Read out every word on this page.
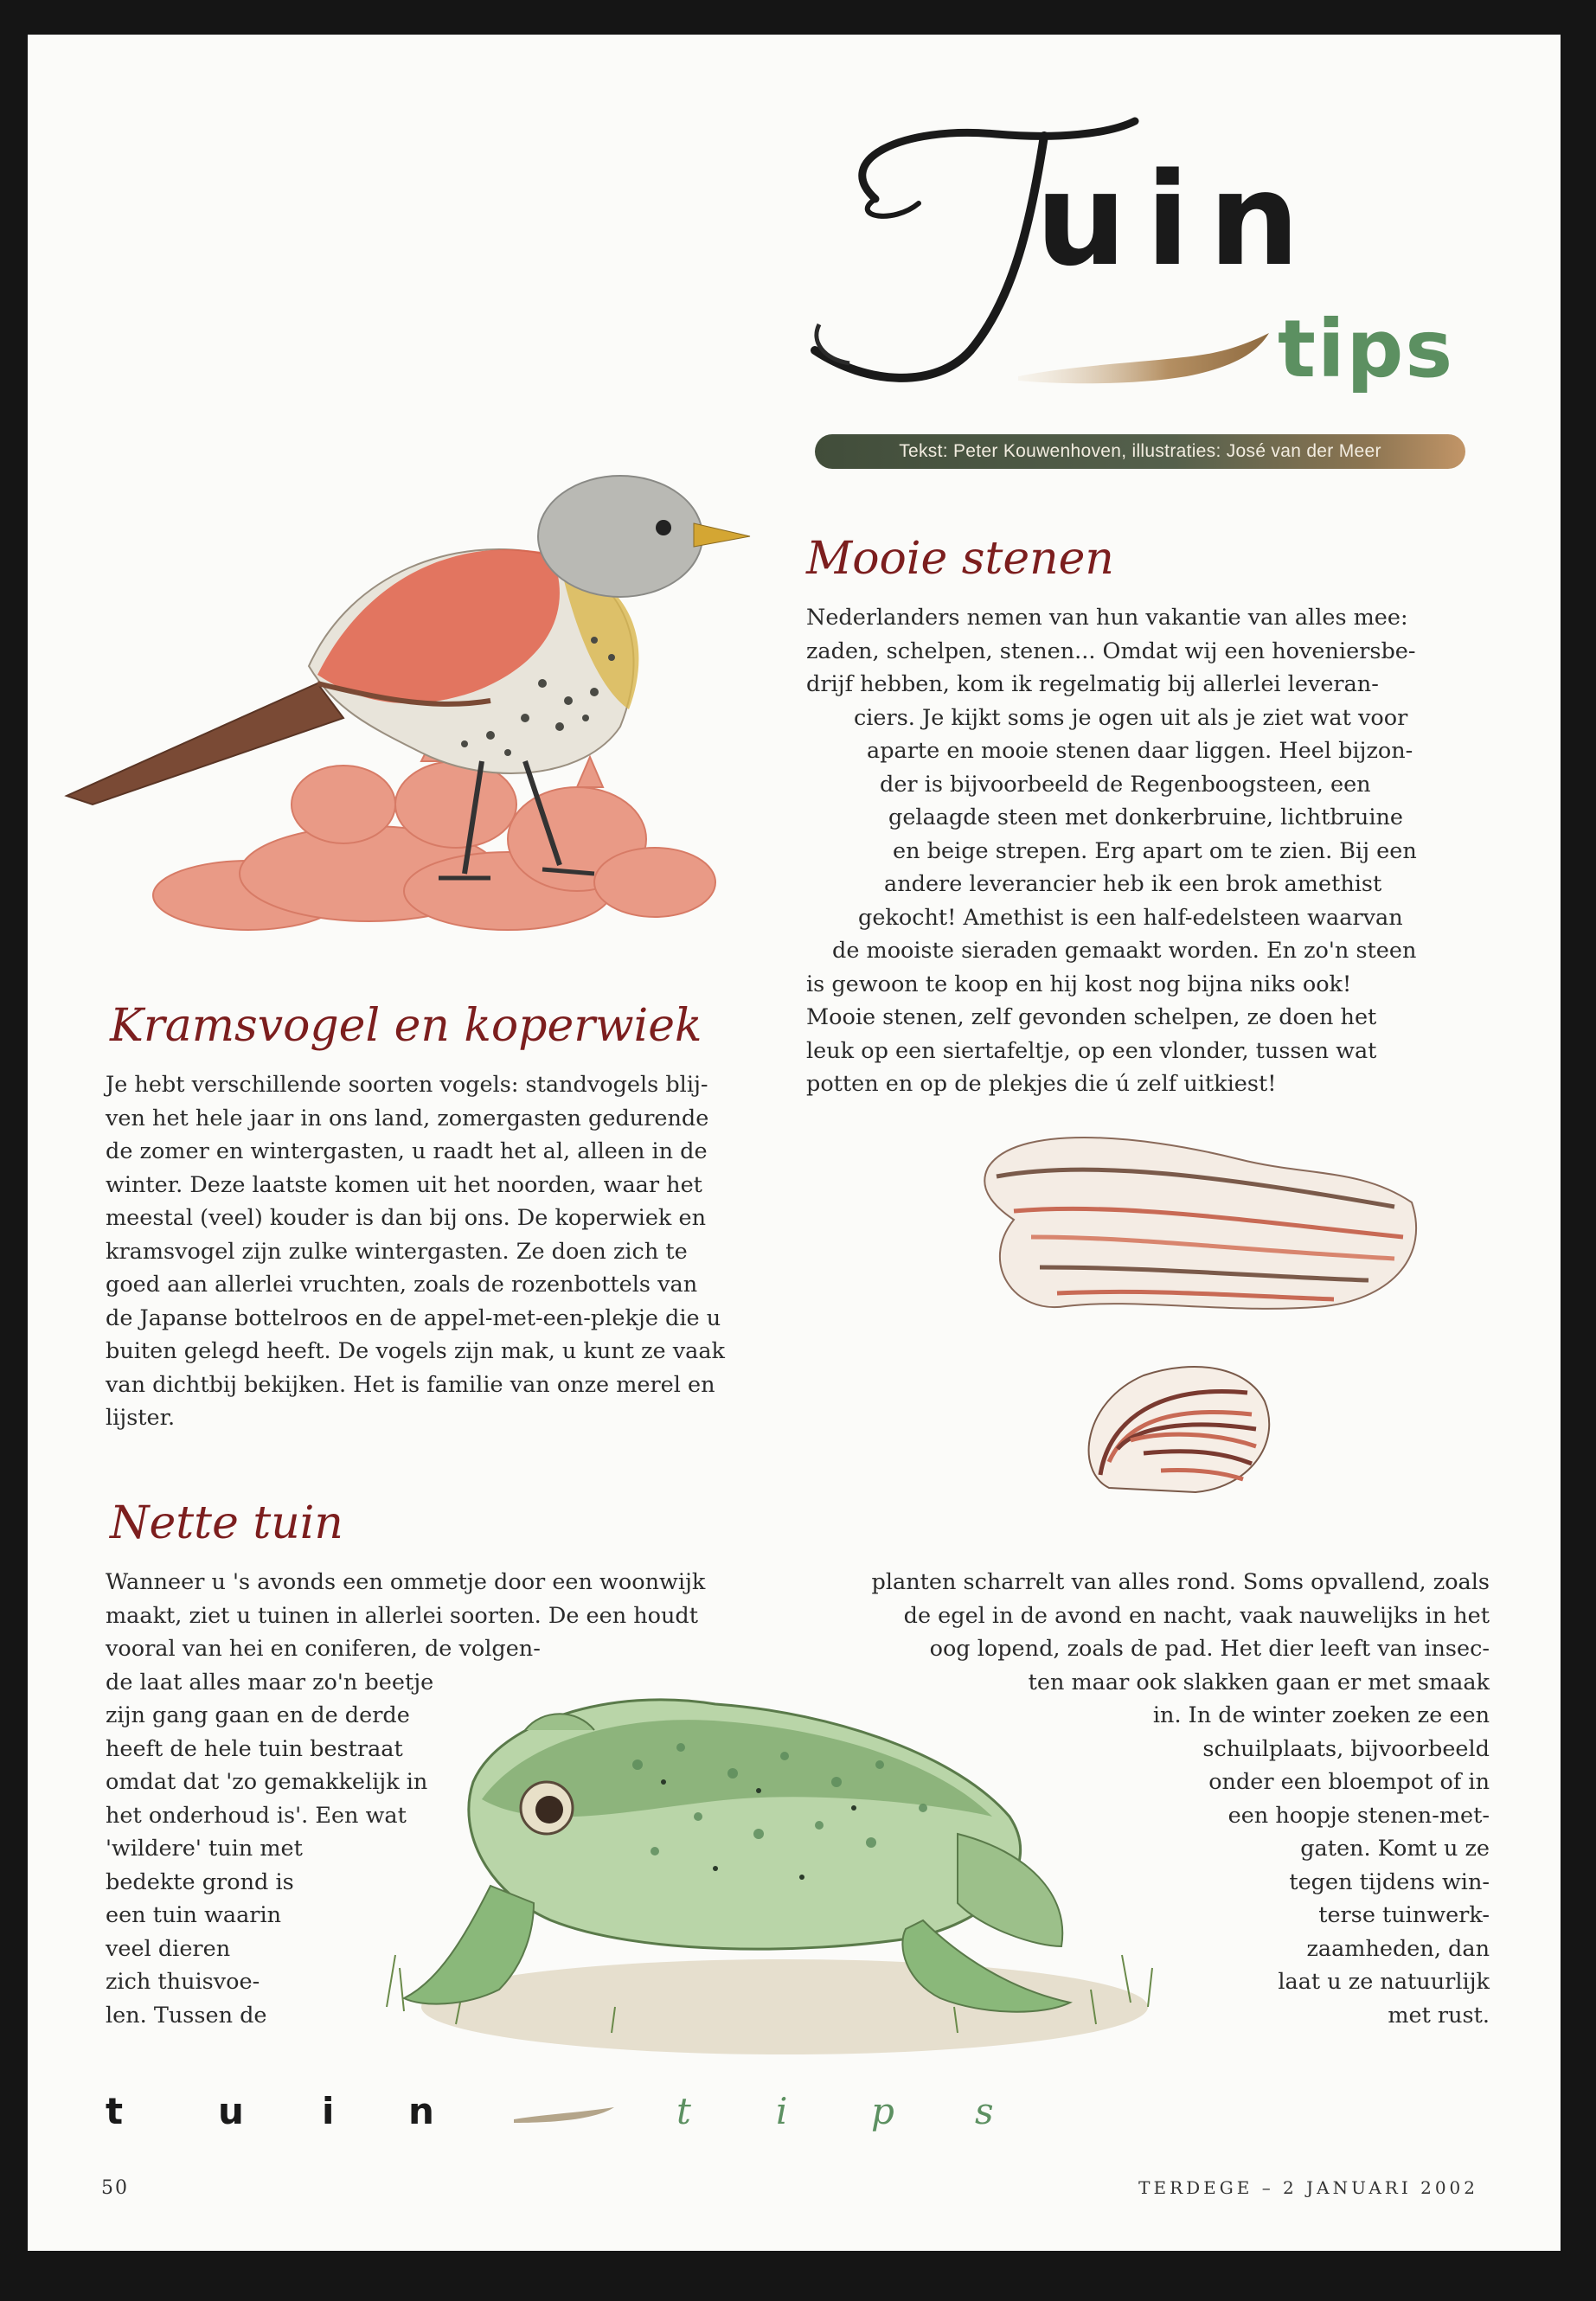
uin
tips
Tekst: Peter Kouwenhoven, illustraties: José van der Meer
Mooie stenen
Nederlanders nemen van hun vakantie van alles mee:
zaden, schelpen, stenen... Omdat wij een hoveniersbe-
drijf hebben, kom ik regelmatig bij allerlei leveran-
ciers. Je kijkt soms je ogen uit als je ziet wat voor
aparte en mooie stenen daar liggen. Heel bijzon-
der is bijvoorbeeld de Regenboogsteen, een
gelaagde steen met donkerbruine, lichtbruine
en beige strepen. Erg apart om te zien. Bij een
andere leverancier heb ik een brok amethist
gekocht! Amethist is een half-edelsteen waarvan
de mooiste sieraden gemaakt worden. En zo'n steen
is gewoon te koop en hij kost nog bijna niks ook!
Mooie stenen, zelf gevonden schelpen, ze doen het
leuk op een siertafeltje, op een vlonder, tussen wat
potten en op de plekjes die ú zelf uitkiest!
Kramsvogel en koperwiek
Je hebt verschillende soorten vogels: standvogels blij-
ven het hele jaar in ons land, zomergasten gedurende
de zomer en wintergasten, u raadt het al, alleen in de
winter. Deze laatste komen uit het noorden, waar het
meestal (veel) kouder is dan bij ons. De koperwiek en
kramsvogel zijn zulke wintergasten. Ze doen zich te
goed aan allerlei vruchten, zoals de rozenbottels van
de Japanse bottelroos en de appel-met-een-plekje die u
buiten gelegd heeft. De vogels zijn mak, u kunt ze vaak
van dichtbij bekijken. Het is familie van onze merel en
lijster.
Nette tuin
Wanneer u 's avonds een ommetje door een woonwijk
maakt, ziet u tuinen in allerlei soorten. De een houdt
vooral van hei en coniferen, de volgen-
de laat alles maar zo'n beetje
zijn gang gaan en de derde
heeft de hele tuin bestraat
omdat dat 'zo gemakkelijk in
het onderhoud is'. Een wat
'wildere' tuin met
bedekte grond is
een tuin waarin
veel dieren
zich thuisvoe-
len. Tussen de
planten scharrelt van alles rond. Soms opvallend, zoals
de egel in de avond en nacht, vaak nauwelijks in het
oog lopend, zoals de pad. Het dier leeft van insec-
ten maar ook slakken gaan er met smaak
in. In de winter zoeken ze een
schuilplaats, bijvoorbeeld
onder een bloempot of in
een hoopje stenen-met-
gaten. Komt u ze
tegen tijdens win-
terse tuinwerk-
zaamheden, dan
laat u ze natuurlijk
met rust.
t	u i n	t i p s
50	TERDEGE – 2 JANUARI 2002
